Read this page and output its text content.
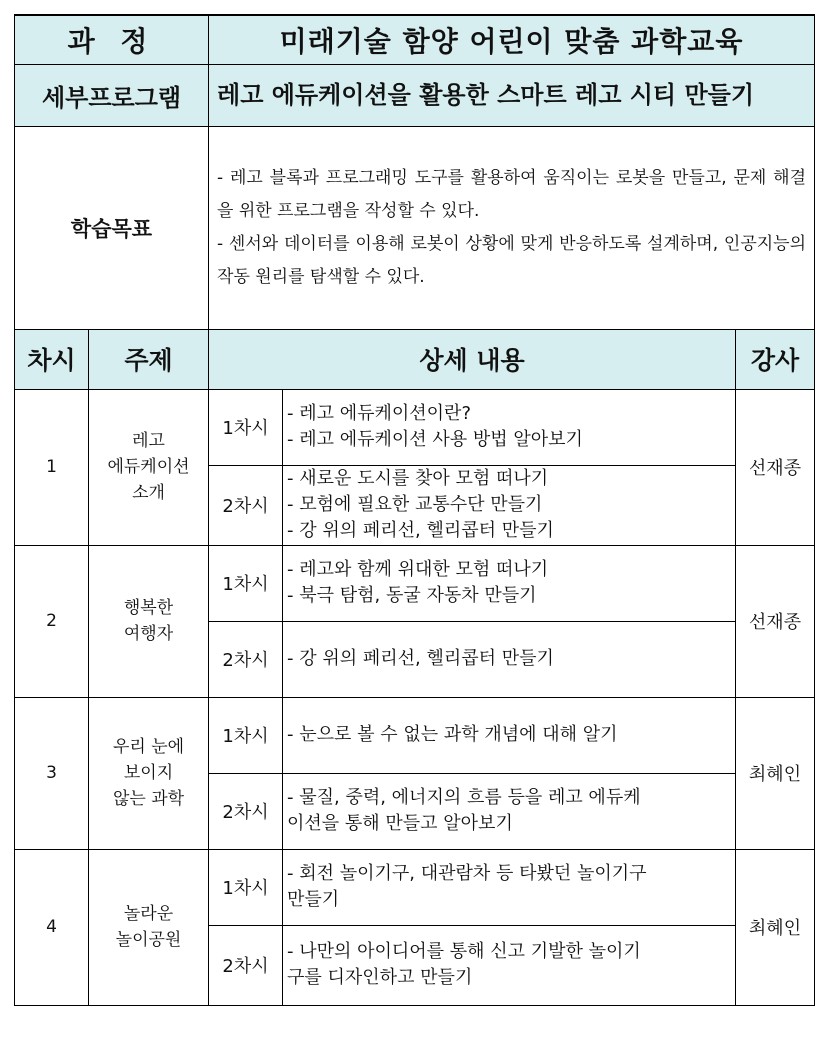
과 정		미래기술 함양 어린이 맞춤 과학교육		
세부프로그램		레고 에듀케이션을 활용한 스마트 레고 시티 만들기		
학습목표		- 레고 블록과 프로그래밍 도구를 활용하여 움직이는 로봇을 만들고, 문제 해결을 위한 프로그램을 작성할 수 있다.
- 센서와 데이터를 이용해 로봇이 상황에 맞게 반응하도록 설계하며, 인공지능의 작동 원리를 탐색할 수 있다.		

차시	주제	상세 내용		강사
1	레고
에듀케이션
소개	1차시	- 레고 에듀케이션이란?
- 레고 에듀케이션 사용 방법 알아보기	선재종
		2차시	- 새로운 도시를 찾아 모험 떠나기
- 모험에 필요한 교통수단 만들기
- 강 위의 페리선, 헬리콥터 만들기	

2	행복한
여행자	1차시	- 레고와 함께 위대한 모험 떠나기
- 북극 탐험, 동굴 자동차 만들기	선재종
		2차시	- 강 위의 페리선, 헬리콥터 만들기	

3	우리 눈에
보이지
않는 과학	1차시	- 눈으로 볼 수 없는 과학 개념에 대해 알기	최혜인
		2차시	- 물질, 중력, 에너지의 흐름 등을 레고 에듀케
이션을 통해 만들고 알아보기	

4	놀라운
놀이공원	1차시	- 회전 놀이기구, 대관람차 등 타봤던 놀이기구
만들기	최혜인
		2차시	- 나만의 아이디어를 통해 신고 기발한 놀이기
구를 디자인하고 만들기	
